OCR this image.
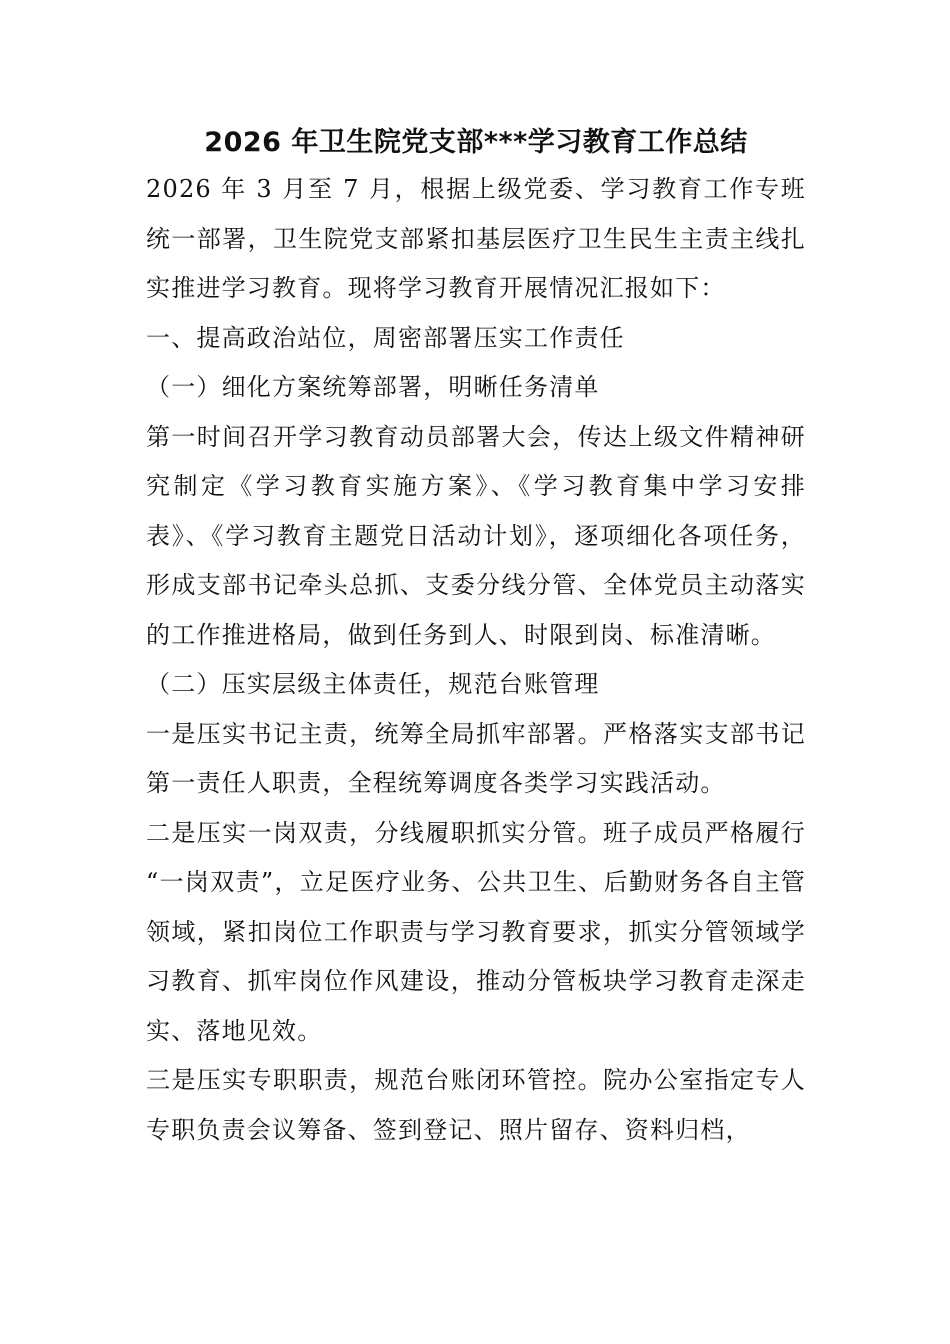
2026 年卫生院党支部***学习教育工作总结

2026 年 3 月至 7 月，根据上级党委、学习教育工作专班统一部署，卫生院党支部紧扣基层医疗卫生民生主责主线扎实推进学习教育。现将学习教育开展情况汇报如下：

一、提高政治站位，周密部署压实工作责任

（一）细化方案统筹部署，明晰任务清单

第一时间召开学习教育动员部署大会，传达上级文件精神研究制定《学习教育实施方案》、《学习教育集中学习安排表》、《学习教育主题党日活动计划》，逐项细化各项任务，形成支部书记牵头总抓、支委分线分管、全体党员主动落实的工作推进格局，做到任务到人、时限到岗、标准清晰。

（二）压实层级主体责任，规范台账管理

一是压实书记主责，统筹全局抓牢部署。严格落实支部书记第一责任人职责，全程统筹调度各类学习实践活动。

二是压实一岗双责，分线履职抓实分管。班子成员严格履行 “一岗双责”，立足医疗业务、公共卫生、后勤财务各自主管领域，紧扣岗位工作职责与学习教育要求，抓实分管领域学习教育、抓牢岗位作风建设，推动分管板块学习教育走深走实、落地见效。

三是压实专职职责，规范台账闭环管控。院办公室指定专人专职负责会议筹备、签到登记、照片留存、资料归档，
